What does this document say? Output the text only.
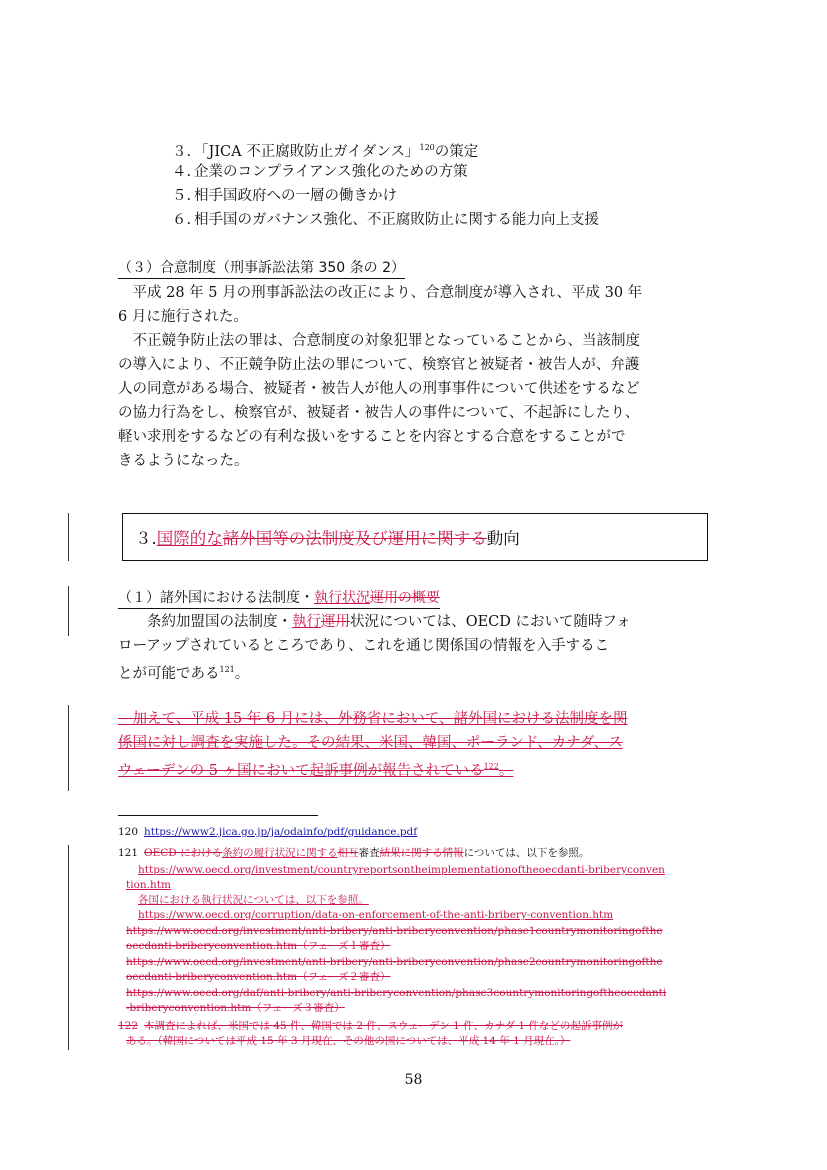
３. 「JICA 不正腐敗防止ガイダンス」$^{120}$の策定
４. 企業のコンプライアンス強化のための方策
５. 相手国政府への一層の働きかけ
６. 相手国のガバナンス強化、不正腐敗防止に関する能力向上支援
（３）合意制度（刑事訴訟法第 350 条の 2）
平成 28 年 5 月の刑事訴訟法の改正により、合意制度が導入され、平成 30 年
6 月に施行された。
不正競争防止法の罪は、合意制度の対象犯罪となっていることから、当該制度
の導入により、不正競争防止法の罪について、検察官と被疑者・被告人が、弁護
人の同意がある場合、被疑者・被告人が他人の刑事事件について供述をするなど
の協力行為をし、検察官が、被疑者・被告人の事件について、不起訴にしたり、
軽い求刑をするなどの有利な扱いをすることを内容とする合意をすることがで
きるようになった。
３.国際的な諸外国等の法制度及び運用に関する動向
（１）諸外国における法制度・執行状況運用の概要
条約加盟国の法制度・執行運用状況については、OECD において随時フォ
ローアップされているところであり、これを通じ関係国の情報を入手するこ
とが可能である$^{121}$。
　加えて、平成 15 年 6 月には、外務省において、諸外国における法制度を関
係国に対し調査を実施した。その結果、米国、韓国、ポーランド、カナダ、ス
ウェーデンの 5 ヶ国において起訴事例が報告されている$^{122}$。
120 https://www2.jica.go.jp/ja/odainfo/pdf/guidance.pdf
121 OECD における条約の履行状況に関する相互審査結果に関する情報については、以下を参照。
https://www.oecd.org/investment/countryreportsontheimplementationoftheoecdanti-briberyconven
tion.htm
各国における執行状況については、以下を参照。
https://www.oecd.org/corruption/data-on-enforcement-of-the-anti-bribery-convention.htm
https://www.oecd.org/investment/anti-bribery/anti-briberyconvention/phase1countrymonitoringofthe
oecdanti-briberyconvention.htm（フェーズ１審査）
https://www.oecd.org/investment/anti-bribery/anti-briberyconvention/phase2countrymonitoringofthe
oecdanti-briberyconvention.htm（フェーズ２審査）
https://www.oecd.org/daf/anti-bribery/anti-briberyconvention/phase3countrymonitoringoftheoecdanti
-briberyconvention.htm（フェーズ３審査）
122 本調査によれば、米国では 45 件、韓国では 2 件、スウェーデン 1 件、カナダ 1 件などの起訴事例が
ある。（韓国については平成 15 年 3 月現在、その他の国については、平成 14 年 1 月現在。）
58
